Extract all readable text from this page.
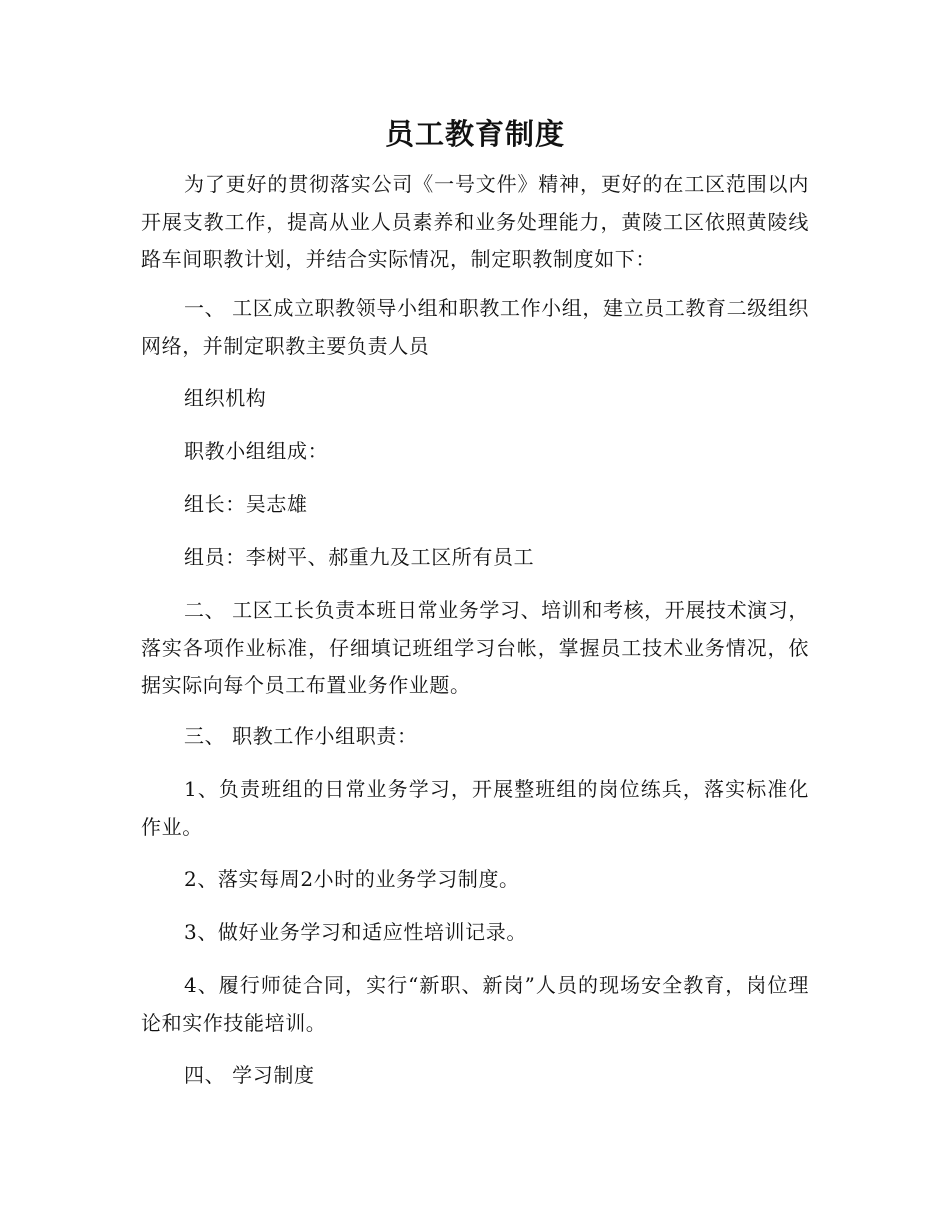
员工教育制度

为了更好的贯彻落实公司《一号文件》精神，更好的在工区范围以内开展支教工作，提高从业人员素养和业务处理能力，黄陵工区依照黄陵线路车间职教计划，并结合实际情况，制定职教制度如下：

一、 工区成立职教领导小组和职教工作小组，建立员工教育二级组织网络，并制定职教主要负责人员

组织机构

职教小组组成：

组长：吴志雄

组员：李树平、郝重九及工区所有员工

二、 工区工长负责本班日常业务学习、培训和考核，开展技术演习，落实各项作业标准，仔细填记班组学习台帐，掌握员工技术业务情况，依据实际向每个员工布置业务作业题。

三、 职教工作小组职责：

1、负责班组的日常业务学习，开展整班组的岗位练兵，落实标准化作业。

2、落实每周2小时的业务学习制度。

3、做好业务学习和适应性培训记录。

4、履行师徒合同，实行“新职、新岗”人员的现场安全教育，岗位理论和实作技能培训。

四、 学习制度
